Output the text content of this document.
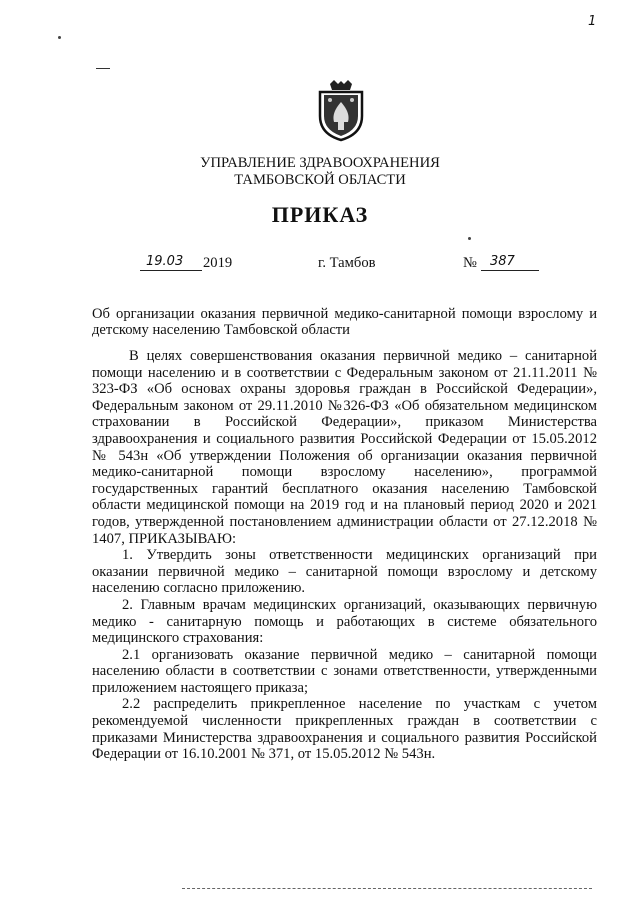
1
УПРАВЛЕНИЕ ЗДРАВООХРАНЕНИЯ
ТАМБОВСКОЙ ОБЛАСТИ
ПРИКАЗ
19.03 2019	г. Тамбов	№ 387
Об организации оказания первичной медико-санитарной помощи взрослому и детскому населению Тамбовской области

В целях совершенствования оказания первичной медико – санитарной помощи населению и в соответствии с Федеральным законом от 21.11.2011 № 323-ФЗ «Об основах охраны здоровья граждан в Российской Федерации», Федеральным законом от 29.11.2010 №326-ФЗ «Об обязательном медицинском страховании в Российской Федерации», приказом Министерства здравоохранения и социального развития Российской Федерации от 15.05.2012 № 543н «Об утверждении Положения об организации оказания первичной медико-санитарной помощи взрослому населению», программой государственных гарантий бесплатного оказания населению Тамбовской области медицинской помощи на 2019 год и на плановый период 2020 и 2021 годов, утвержденной постановлением администрации области от 27.12.2018 № 1407, ПРИКАЗЫВАЮ:

1. Утвердить зоны ответственности медицинских организаций при оказании первичной медико – санитарной помощи взрослому и детскому населению согласно приложению.

2. Главным врачам медицинских организаций, оказывающих первичную медико - санитарную помощь и работающих в системе обязательного медицинского страхования:

2.1 организовать оказание первичной медико – санитарной помощи населению области в соответствии с зонами ответственности, утвержденными приложением настоящего приказа;

2.2 распределить прикрепленное население по участкам с учетом рекомендуемой численности прикрепленных граждан в соответствии с приказами Министерства здравоохранения и социального развития Российской Федерации от 16.10.2001 № 371, от 15.05.2012 № 543н.
